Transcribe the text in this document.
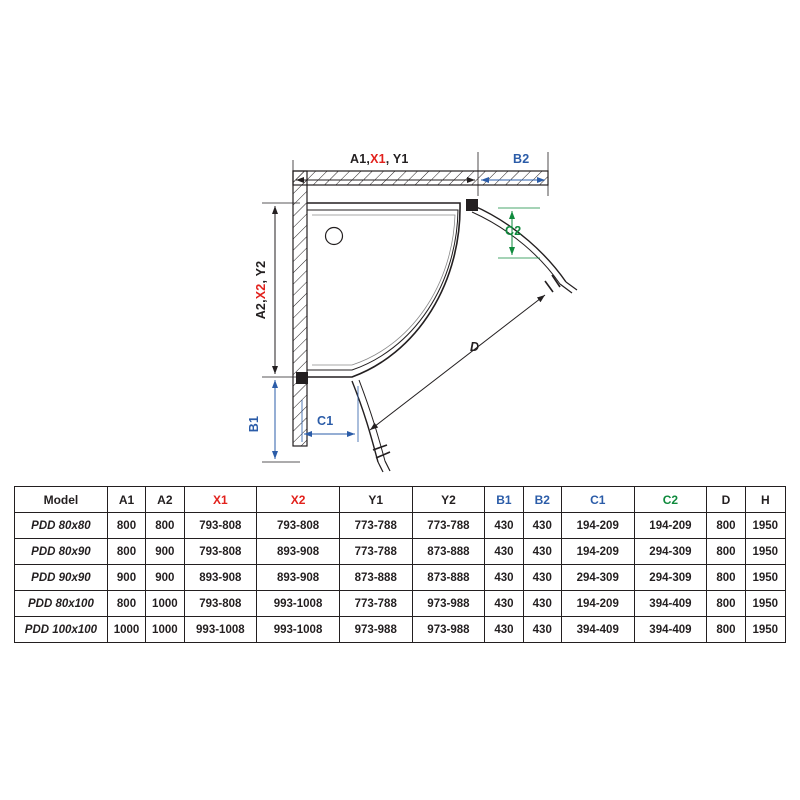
A1,X1, Y1	B2
A2,X2, Y2
B1	C1
C2
D
Model	A1	A2	X1	X2	Y1	Y2	B1	B2	C1	C2	D	H
PDD 80x80	800	800	793-808	793-808	773-788	773-788	430	430	194-209	194-209	800	1950
PDD 80x90	800	900	793-808	893-908	773-788	873-888	430	430	194-209	294-309	800	1950
PDD 90x90	900	900	893-908	893-908	873-888	873-888	430	430	294-309	294-309	800	1950
PDD 80x100	800	1000	793-808	993-1008	773-788	973-988	430	430	194-209	394-409	800	1950
PDD 100x100	1000	1000	993-1008	993-1008	973-988	973-988	430	430	394-409	394-409	800	1950
